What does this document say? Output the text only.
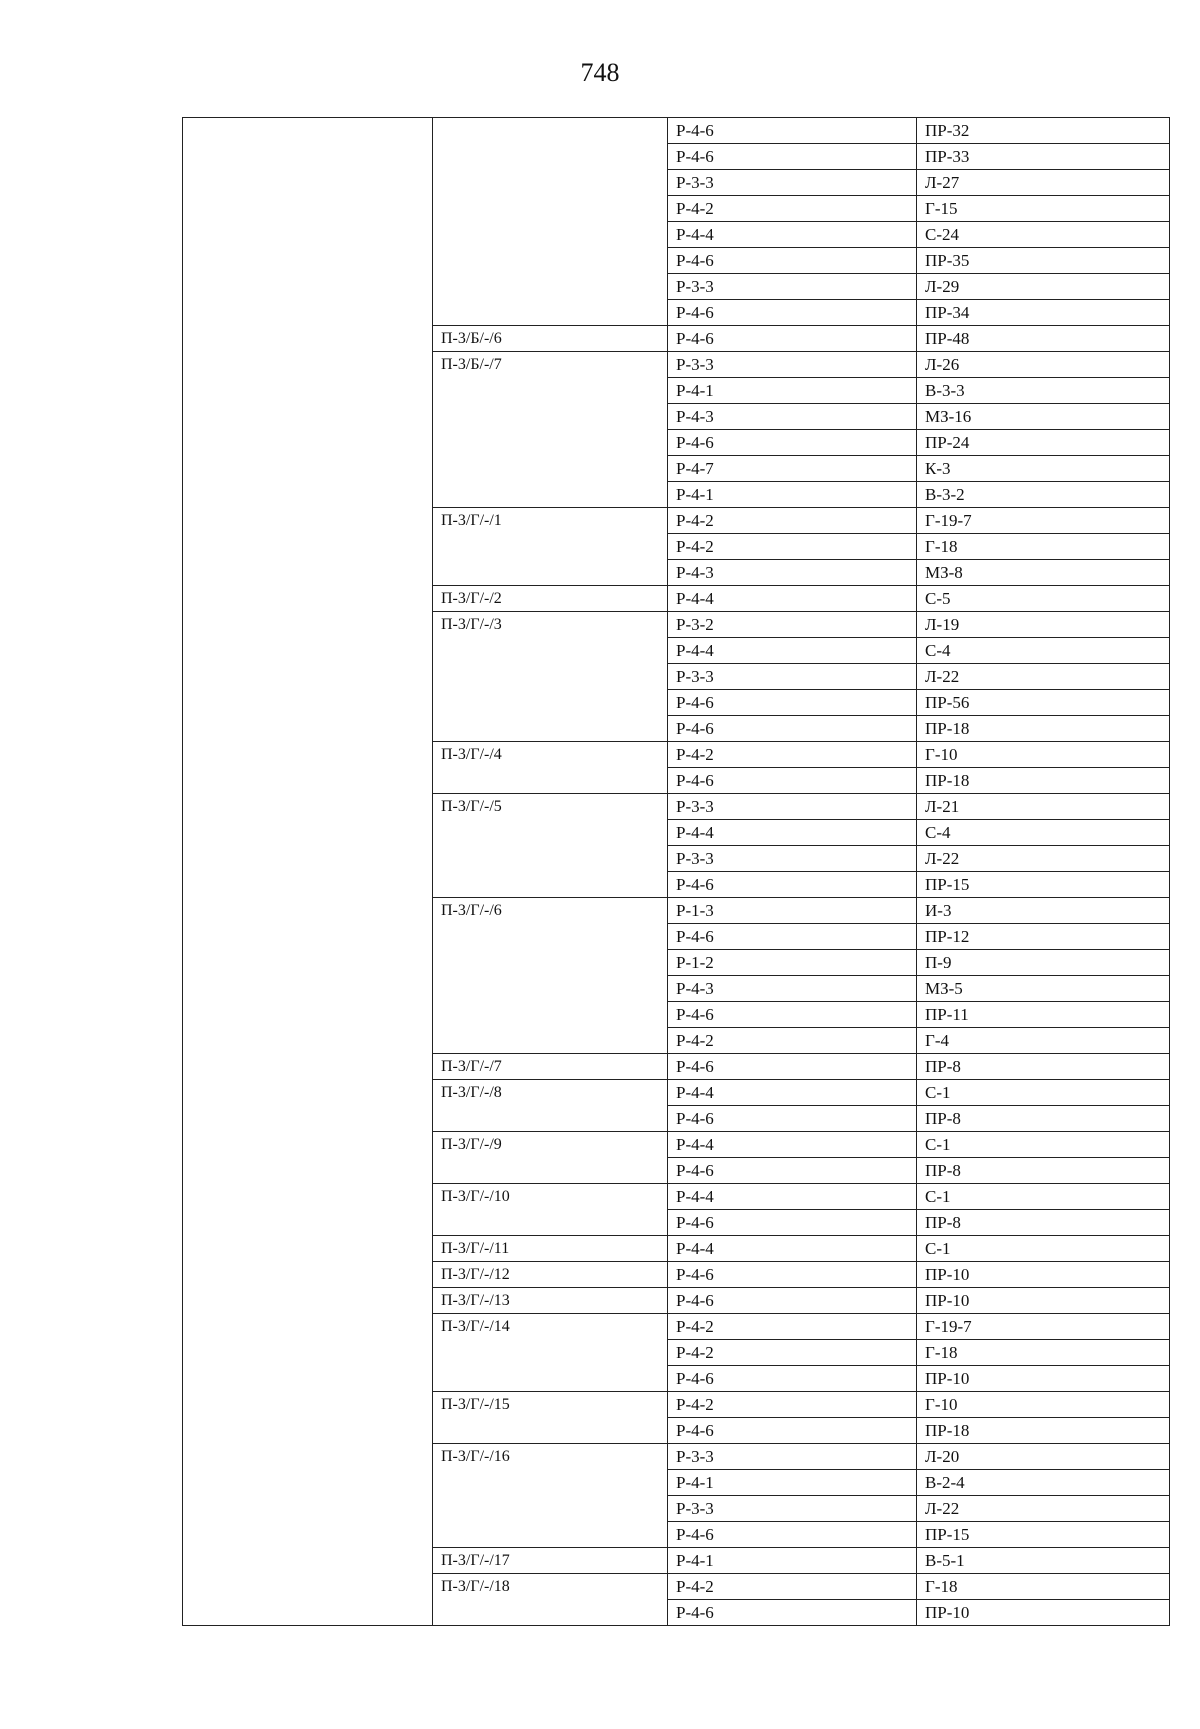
748
		Р-4-6	ПР-32
		Р-4-6	ПР-33
		Р-3-3	Л-27
		Р-4-2	Г-15
		Р-4-4	С-24
		Р-4-6	ПР-35
		Р-3-3	Л-29
		Р-4-6	ПР-34
	П-3/Б/-/6	Р-4-6	ПР-48
	П-3/Б/-/7	Р-3-3	Л-26
		Р-4-1	В-3-3
		Р-4-3	МЗ-16
		Р-4-6	ПР-24
		Р-4-7	К-3
		Р-4-1	В-3-2
	П-3/Г/-/1	Р-4-2	Г-19-7
		Р-4-2	Г-18
		Р-4-3	МЗ-8
	П-3/Г/-/2	Р-4-4	С-5
	П-3/Г/-/3	Р-3-2	Л-19
		Р-4-4	С-4
		Р-3-3	Л-22
		Р-4-6	ПР-56
		Р-4-6	ПР-18
	П-3/Г/-/4	Р-4-2	Г-10
		Р-4-6	ПР-18
	П-3/Г/-/5	Р-3-3	Л-21
		Р-4-4	С-4
		Р-3-3	Л-22
		Р-4-6	ПР-15
	П-3/Г/-/6	Р-1-3	И-3
		Р-4-6	ПР-12
		Р-1-2	П-9
		Р-4-3	МЗ-5
		Р-4-6	ПР-11
		Р-4-2	Г-4
	П-3/Г/-/7	Р-4-6	ПР-8
	П-3/Г/-/8	Р-4-4	С-1
		Р-4-6	ПР-8
	П-3/Г/-/9	Р-4-4	С-1
		Р-4-6	ПР-8
	П-3/Г/-/10	Р-4-4	С-1
		Р-4-6	ПР-8
	П-3/Г/-/11	Р-4-4	С-1
	П-3/Г/-/12	Р-4-6	ПР-10
	П-3/Г/-/13	Р-4-6	ПР-10
	П-3/Г/-/14	Р-4-2	Г-19-7
		Р-4-2	Г-18
		Р-4-6	ПР-10
	П-3/Г/-/15	Р-4-2	Г-10
		Р-4-6	ПР-18
	П-3/Г/-/16	Р-3-3	Л-20
		Р-4-1	В-2-4
		Р-3-3	Л-22
		Р-4-6	ПР-15
	П-3/Г/-/17	Р-4-1	В-5-1
	П-3/Г/-/18	Р-4-2	Г-18
		Р-4-6	ПР-10
